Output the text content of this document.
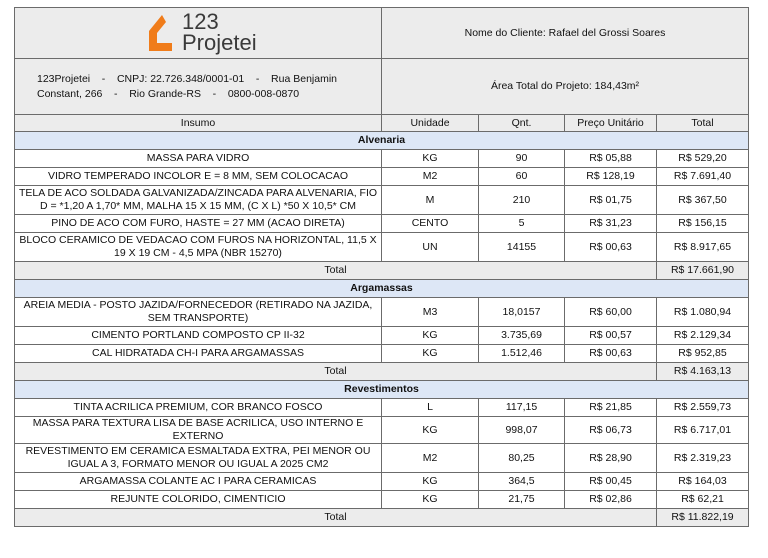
123
Projetei	Nome do Cliente: Rafael del Grossi Soares			
123Projetei    -    CNPJ: 22.726.348/0001-01    -    Rua Benjamin
Constant, 266    -    Rio Grande-RS    -    0800-008-0870	Área Total do Projeto: 184,43m²			
Insumo	Unidade	Qnt.	Preço Unitário	Total
Alvenaria				
MASSA PARA VIDRO	KG	90	R$ 05,88	R$ 529,20
VIDRO TEMPERADO INCOLOR E = 8 MM, SEM COLOCACAO	M2	60	R$ 128,19	R$ 7.691,40
TELA DE ACO SOLDADA GALVANIZADA/ZINCADA PARA ALVENARIA, FIO D = *1,20 A 1,70* MM, MALHA 15 X 15 MM, (C X L) *50 X 10,5* CM	M	210	R$ 01,75	R$ 367,50
PINO DE ACO COM FURO, HASTE = 27 MM (ACAO DIRETA)	CENTO	5	R$ 31,23	R$ 156,15
BLOCO CERAMICO DE VEDACAO COM FUROS NA HORIZONTAL, 11,5 X 19 X 19 CM - 4,5 MPA (NBR 15270)	UN	14155	R$ 00,63	R$ 8.917,65
Total				R$ 17.661,90
Argamassas				
AREIA MEDIA - POSTO JAZIDA/FORNECEDOR (RETIRADO NA JAZIDA, SEM TRANSPORTE)	M3	18,0157	R$ 60,00	R$ 1.080,94
CIMENTO PORTLAND COMPOSTO CP II-32	KG	3.735,69	R$ 00,57	R$ 2.129,34
CAL HIDRATADA CH-I PARA ARGAMASSAS	KG	1.512,46	R$ 00,63	R$ 952,85
Total				R$ 4.163,13
Revestimentos				
TINTA ACRILICA PREMIUM, COR BRANCO FOSCO	L	117,15	R$ 21,85	R$ 2.559,73
MASSA PARA TEXTURA LISA DE BASE ACRILICA, USO INTERNO E EXTERNO	KG	998,07	R$ 06,73	R$ 6.717,01
REVESTIMENTO EM CERAMICA ESMALTADA EXTRA, PEI MENOR OU IGUAL A 3, FORMATO MENOR OU IGUAL A 2025 CM2	M2	80,25	R$ 28,90	R$ 2.319,23
ARGAMASSA COLANTE AC I PARA CERAMICAS	KG	364,5	R$ 00,45	R$ 164,03
REJUNTE COLORIDO, CIMENTICIO	KG	21,75	R$ 02,86	R$ 62,21
Total				R$ 11.822,19
